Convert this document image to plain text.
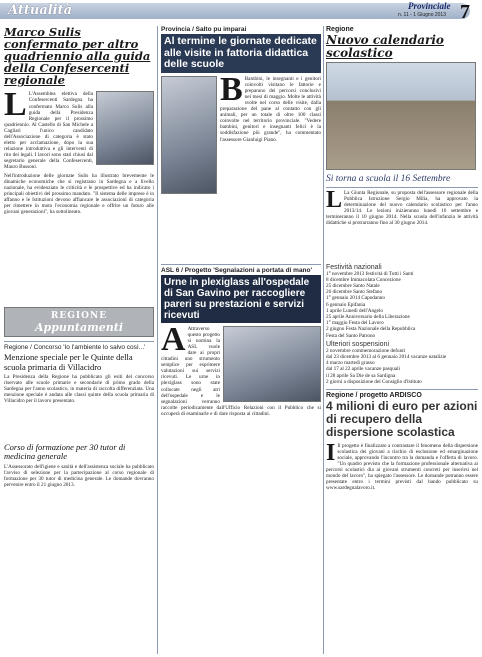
Attualità	Provinciale
n. 11 - 1 Giugno 2013 7
Marco Sulis confermato per altro quadriennio alla guida della Confesercenti regionale
L L'Assemblea elettiva della Confesercenti Sardegna ha confermato Marco Sulis alla guida della Presidenza Regionale per il prossimo quadriennio. Al Castello di San Michele a Cagliari l'unico candidato dell'Associazione di categoria è stato eletto per acclamazione, dopo la sua relazione introduttiva e gli interventi di rito dei legali. I lavori sono stati chiusi dal segretario generale della Confesercenti, Mauro Bussoni.

Nell'introduzione delle giornate Sulis ha illustrato brevemente le dinamiche economiche che si registrano in Sardegna e a livello nazionale, ha evidenziato le criticità e le prospettive ed ha indicato i principali obiettivi del prossimo mandato. "Il sistema delle imprese è in affanno e le Istituzioni devono affiancare le associazioni di categoria per rimettere in moto l'economia regionale e offrire un futuro alle giovani generazioni", ha sottolineato.

REGIONE
Appuntamenti
Regione / Concorso 'Io l'ambiente lo salvo così...'
Menzione speciale per le Quinte della scuola primaria di Villacidro

La Presidenza della Regione ha pubblicato gli esiti del concorso riservato alle scuole primarie e secondarie di primo grado della Sardegna per l'anno scolastico, in materia di raccolta differenziata. Una menzione speciale è andata alle classi quinte della scuola primaria di Villacidro per il lavoro presentato.

Corso di formazione per 30 tutor di medicina generale

L'Assessorato dell'igiene e sanità e dell'assistenza sociale ha pubblicato l'avviso di selezione per la partecipazione al corso regionale di formazione per 30 tutor di medicina generale. Le domande dovranno pervenire entro il 21 giugno 2013.

Provincia / Salto pu imparai
Al termine le giornate dedicate alle visite in fattoria didattica delle scuole
B Bambini, le insegnanti e i genitori coinvolti visitano le fattorie e preparano dei percorsi conclusivi nei mesi di maggio. Molte le attività svolte nel corso delle visite, dalla preparazione del pane al contatto con gli animali, per un totale di oltre 100 classi coinvolte nel territorio provinciale. "Vedere bambini, genitori e insegnanti felici è la soddisfazione più grande", ha commentato l'assessore Gianluigi Piano.

ASL 6 / Progetto 'Segnalazioni a portata di mano'
Urne in plexiglass all'ospedale di San Gavino per raccogliere pareri su prestazioni e servizi ricevuti
A Attraverso questo progetto si nomina la ASL vuole dare ai propri cittadini uno strumento semplice per esprimere valutazioni sui servizi ricevuti. Le urne in plexiglass sono state collocate negli atri dell'ospedale e le segnalazioni verranno raccolte periodicamente dall'Ufficio Relazioni con il Pubblico che si occuperà di esaminarle e di dare risposta ai cittadini.

Regione
Nuovo calendario scolastico
Si torna a scuola il 16 Settembre
L La Giunta Regionale, su proposta dell'assessore regionale della Pubblica Istruzione Sergio Milia, ha approvato la determinazione del nuovo calendario scolastico per l'anno 2013/14. Le lezioni inizieranno lunedì 16 settembre e termineranno il 10 giugno 2014. Nella scuola dell'infanzia le attività didattiche si protrarranno fino al 30 giugno 2014.

Festività nazionali
1° novembre 2013 festività di Tutti i Santi
8 dicembre Immacolata Concezione
25 dicembre Santo Natale
26 dicembre Santo Stefano
1° gennaio 2014 Capodanno
6 gennaio Epifania
1 aprile Lunedì dell'Angelo
25 aprile Anniversario della Liberazione
1° maggio Festa del Lavoro
2 giugno Festa Nazionale della Repubblica
Festa del Santo Patrono
Ulteriori sospensioni
2 novembre commemorazione defunti
dal 23 dicembre 2013 al 6 gennaio 2014 vacanze natalizie
4 marzo martedì grasso
dal 17 al 22 aprile vacanze pasquali
il 28 aprile Sa Die de sa Sardigna
2 giorni a disposizione del Consiglio d'Istituto
Regione / progetto ARDISCO
4 milioni di euro per azioni di recupero della dispersione scolastica
I Il progetto è finalizzato a contrastare il fenomeno della dispersione scolastica dei giovani a rischio di esclusione ed emarginazione sociale, approvando l'incontro tra la domanda e l'offerta di lavoro. "Un quadro previsto che la formazione professionale alternativa ai percorsi scolastici dia ai giovani strumenti concreti per inserirsi nel mondo del lavoro", ha spiegato l'assessore. Le domande potranno essere presentate entro i termini previsti dal bando pubblicato su www.sardegnalavoro.it.
